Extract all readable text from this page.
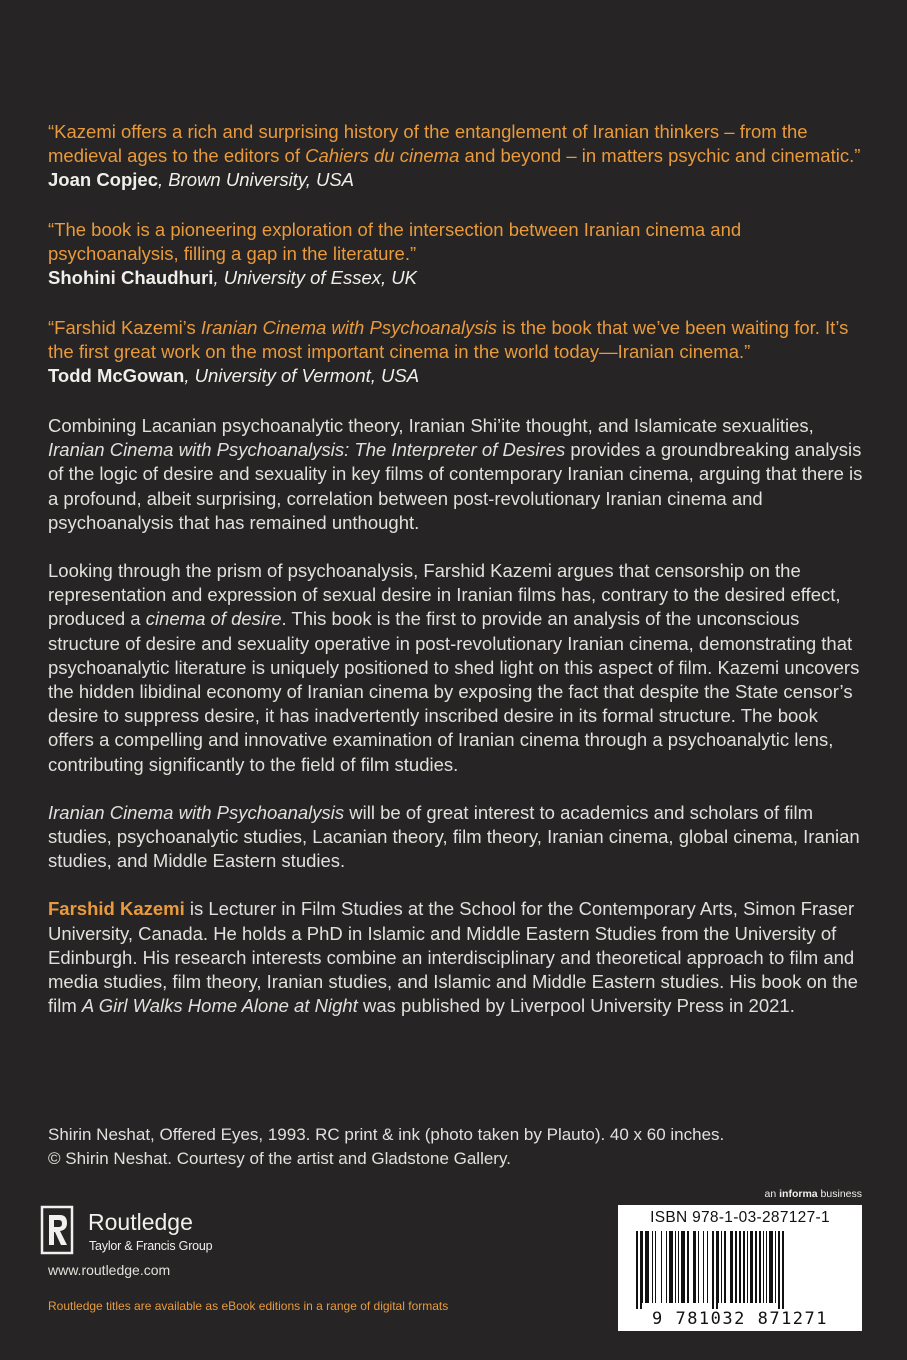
“Kazemi offers a rich and surprising history of the entanglement of Iranian thinkers – from the medieval ages to the editors of Cahiers du cinema and beyond – in matters psychic and cinematic.”

Joan Copjec, Brown University, USA

“The book is a pioneering exploration of the intersection between Iranian cinema and psychoanalysis, filling a gap in the literature.”

Shohini Chaudhuri, University of Essex, UK

“Farshid Kazemi’s Iranian Cinema with Psychoanalysis is the book that we’ve been waiting for. It’s the first great work on the most important cinema in the world today—Iranian cinema.”

Todd McGowan, University of Vermont, USA

Combining Lacanian psychoanalytic theory, Iranian Shi’ite thought, and Islamicate sexualities, Iranian Cinema with Psychoanalysis: The Interpreter of Desires provides a groundbreaking analysis of the logic of desire and sexuality in key films of contemporary Iranian cinema, arguing that there is a profound, albeit surprising, correlation between post-revolutionary Iranian cinema and psychoanalysis that has remained unthought.

Looking through the prism of psychoanalysis, Farshid Kazemi argues that censorship on the representation and expression of sexual desire in Iranian films has, contrary to the desired effect, produced a cinema of desire. This book is the first to provide an analysis of the unconscious structure of desire and sexuality operative in post-revolutionary Iranian cinema, demonstrating that psychoanalytic literature is uniquely positioned to shed light on this aspect of film. Kazemi uncovers the hidden libidinal economy of Iranian cinema by exposing the fact that despite the State censor’s desire to suppress desire, it has inadvertently inscribed desire in its formal structure. The book offers a compelling and innovative examination of Iranian cinema through a psychoanalytic lens, contributing significantly to the field of film studies.

Iranian Cinema with Psychoanalysis will be of great interest to academics and scholars of film studies, psychoanalytic studies, Lacanian theory, film theory, Iranian cinema, global cinema, Iranian studies, and Middle Eastern studies.

Farshid Kazemi is Lecturer in Film Studies at the School for the Contemporary Arts, Simon Fraser University, Canada. He holds a PhD in Islamic and Middle Eastern Studies from the University of Edinburgh. His research interests combine an interdisciplinary and theoretical approach to film and media studies, film theory, Iranian studies, and Islamic and Middle Eastern studies. His book on the film A Girl Walks Home Alone at Night was published by Liverpool University Press in 2021.

Shirin Neshat, Offered Eyes, 1993. RC print & ink (photo taken by Plauto). 40 x 60 inches.
© Shirin Neshat. Courtesy of the artist and Gladstone Gallery.
Routledge
Taylor & Francis Group
www.routledge.com
Routledge titles are available as eBook editions in a range of digital formats
an informa business
ISBN 978-1-03-287127-1
9 781032 871271
